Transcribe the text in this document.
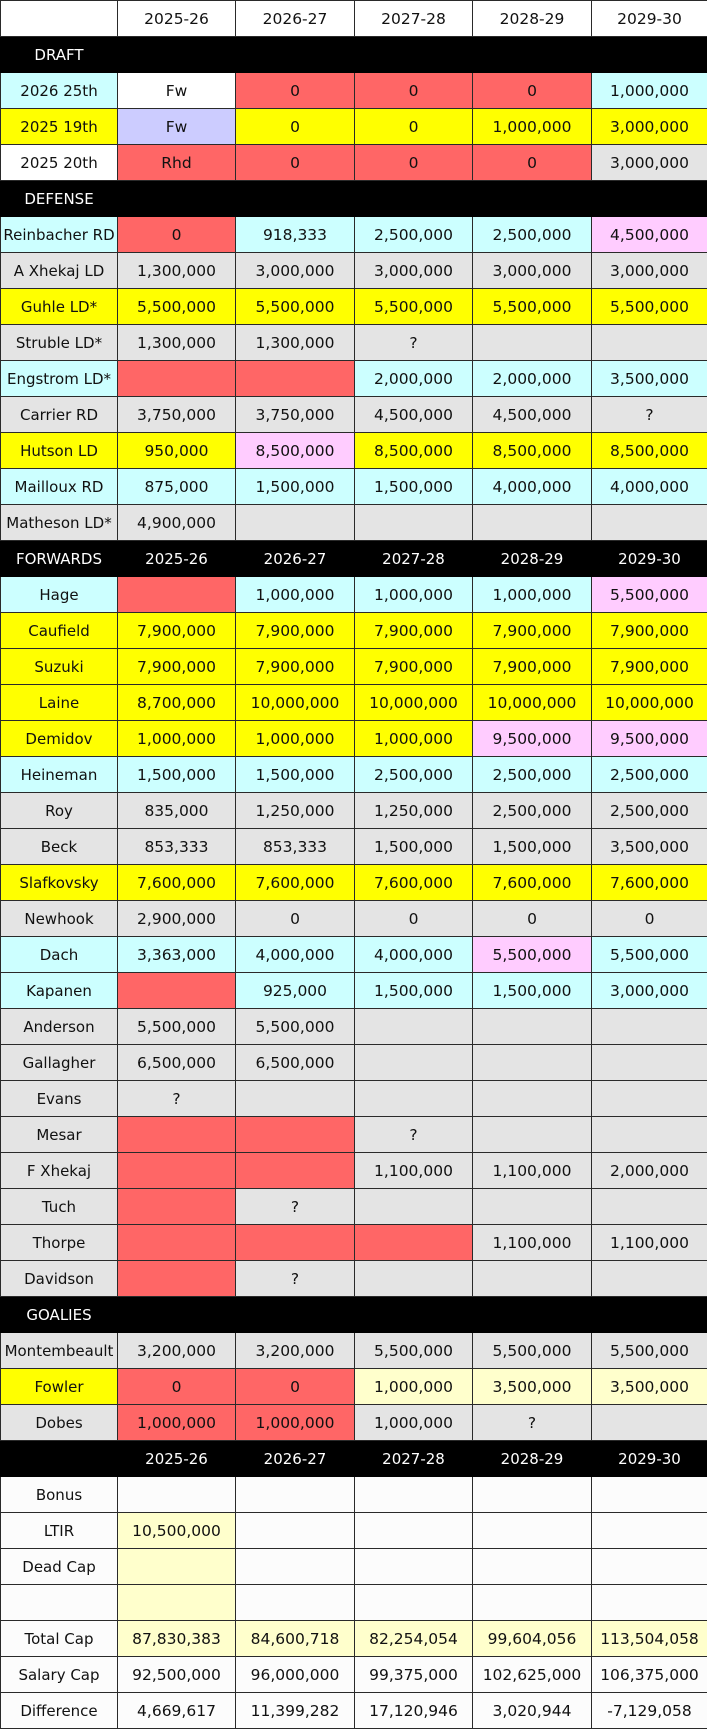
	2025-26	2026-27	2027-28	2028-29	2029-30
DRAFT					
2026 25th	Fw	0	0	0	1,000,000
2025 19th	Fw	0	0	1,000,000	3,000,000
2025 20th	Rhd	0	0	0	3,000,000
DEFENSE					
Reinbacher RD	0	918,333	2,500,000	2,500,000	4,500,000
A Xhekaj LD	1,300,000	3,000,000	3,000,000	3,000,000	3,000,000
Guhle LD*	5,500,000	5,500,000	5,500,000	5,500,000	5,500,000
Struble LD*	1,300,000	1,300,000	?		
Engstrom LD*			2,000,000	2,000,000	3,500,000
Carrier RD	3,750,000	3,750,000	4,500,000	4,500,000	?
Hutson LD	950,000	8,500,000	8,500,000	8,500,000	8,500,000
Mailloux RD	875,000	1,500,000	1,500,000	4,000,000	4,000,000
Matheson LD*	4,900,000				
FORWARDS	2025-26	2026-27	2027-28	2028-29	2029-30
Hage		1,000,000	1,000,000	1,000,000	5,500,000
Caufield	7,900,000	7,900,000	7,900,000	7,900,000	7,900,000
Suzuki	7,900,000	7,900,000	7,900,000	7,900,000	7,900,000
Laine	8,700,000	10,000,000	10,000,000	10,000,000	10,000,000
Demidov	1,000,000	1,000,000	1,000,000	9,500,000	9,500,000
Heineman	1,500,000	1,500,000	2,500,000	2,500,000	2,500,000
Roy	835,000	1,250,000	1,250,000	2,500,000	2,500,000
Beck	853,333	853,333	1,500,000	1,500,000	3,500,000
Slafkovsky	7,600,000	7,600,000	7,600,000	7,600,000	7,600,000
Newhook	2,900,000	0	0	0	0
Dach	3,363,000	4,000,000	4,000,000	5,500,000	5,500,000
Kapanen		925,000	1,500,000	1,500,000	3,000,000
Anderson	5,500,000	5,500,000			
Gallagher	6,500,000	6,500,000			
Evans	?				
Mesar			?		
F Xhekaj			1,100,000	1,100,000	2,000,000
Tuch		?			
Thorpe				1,100,000	1,100,000
Davidson		?			
GOALIES					
Montembeault	3,200,000	3,200,000	5,500,000	5,500,000	5,500,000
Fowler	0	0	1,000,000	3,500,000	3,500,000
Dobes	1,000,000	1,000,000	1,000,000	?	
	2025-26	2026-27	2027-28	2028-29	2029-30
Bonus					
LTIR	10,500,000				
Dead Cap					

Total Cap	87,830,383	84,600,718	82,254,054	99,604,056	113,504,058
Salary Cap	92,500,000	96,000,000	99,375,000	102,625,000	106,375,000
Difference	4,669,617	11,399,282	17,120,946	3,020,944	-7,129,058
